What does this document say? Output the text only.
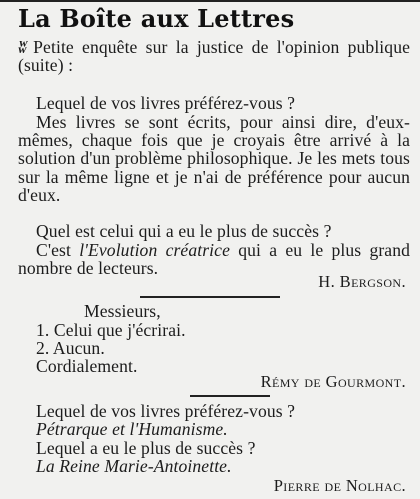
La Boîte aux Lettres
ʬ Petite enquête sur la justice de l'opinion publique (suite) :
Lequel de vos livres préférez-vous ?
Mes livres se sont écrits, pour ainsi dire, d'eux-mêmes, chaque fois que je croyais être arrivé à la solution d'un problème philosophique. Je les mets tous sur la même ligne et je n'ai de préférence pour aucun d'eux.
Quel est celui qui a eu le plus de succès ?
C'est l'Evolution créatrice qui a eu le plus grand nombre de lecteurs.
H. Bergson.
Messieurs,
1. Celui que j'écrirai.
2. Aucun.
Cordialement.
Rémy de Gourmont.
Lequel de vos livres préférez-vous ?
Pétrarque et l'Humanisme.
Lequel a eu le plus de succès ?
La Reine Marie-Antoinette.
Pierre de Nolhac.
